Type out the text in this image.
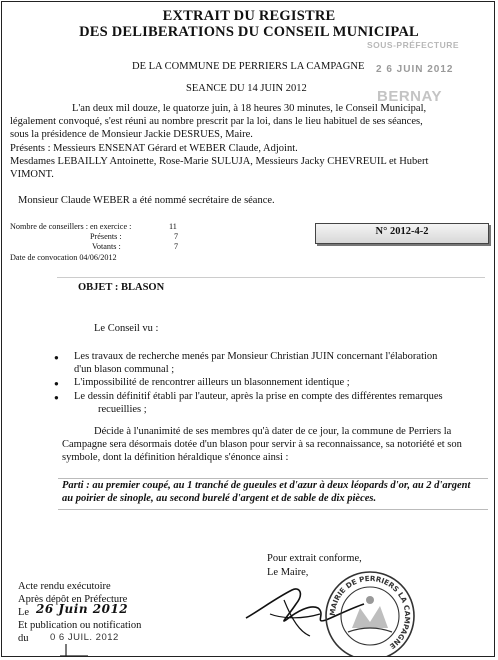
EXTRAIT DU REGISTRE
DES DELIBERATIONS DU CONSEIL MUNICIPAL
DE LA COMMUNE DE PERRIERS LA CAMPAGNE
SEANCE DU 14 JUIN 2012
SOUS-PRÉFECTURE
2 6 JUIN 2012
BERNAY
L'an deux mil douze, le quatorze juin, à 18 heures 30 minutes, le Conseil Municipal,
légalement convoqué, s'est réuni au nombre prescrit par la loi, dans le lieu habituel de ses séances,
sous la présidence de Monsieur Jackie DESRUES, Maire.
Présents : Messieurs ENSENAT Gérard et WEBER Claude, Adjoint.
Mesdames LEBAILLY Antoinette, Rose-Marie SULUJA, Messieurs Jacky CHEVREUIL et Hubert
VIMONT.
Monsieur Claude WEBER a été nommé secrétaire de séance.
Nombre de conseillers : en exercice :	11
Présents :	7
Votants :	7
Date de convocation 04/06/2012
N° 2012-4-2
OBJET : BLASON
Le Conseil vu :
● Les travaux de recherche menés par Monsieur Christian JUIN concernant l'élaboration
d'un blason communal ;
● L'impossibilité de rencontrer ailleurs un blasonnement identique ;
● Le dessin définitif établi par l'auteur, après la prise en compte des différentes remarques
recueillies ;
Décide à l'unanimité de ses membres qu'à dater de ce jour, la commune de Perriers la
Campagne sera désormais dotée d'un blason pour servir à sa reconnaissance, sa notoriété et son
symbole, dont la définition héraldique s'énonce ainsi :
Parti : au premier coupé, au 1 tranché de gueules et d'azur à deux léopards d'or, au 2 d'argent
au poirier de sinople, au second burelé d'argent et de sable de dix pièces.
Pour extrait conforme,
Le Maire,
MAIRIE DE PERRIERS LA CAMPAGNE
Acte rendu exécutoire
Après dépôt en Préfecture
Le 26 Juin 2012
Et publication ou notification
du 0 6 JUIL. 2012
